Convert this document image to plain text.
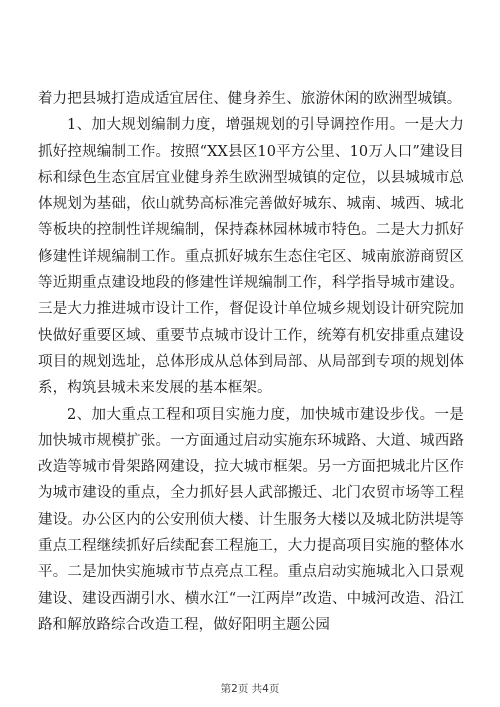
着力把县城打造成适宜居住、健身养生、旅游休闲的欧洲型城镇。

1、加大规划编制力度，增强规划的引导调控作用。一是大力抓好控规编制工作。按照“XX县区10平方公里、10万人口”建设目标和绿色生态宜居宜业健身养生欧洲型城镇的定位，以县城城市总体规划为基础，依山就势高标准完善做好城东、城南、城西、城北等板块的控制性详规编制，保持森林园林城市特色。二是大力抓好修建性详规编制工作。重点抓好城东生态住宅区、城南旅游商贸区等近期重点建设地段的修建性详规编制工作，科学指导城市建设。三是大力推进城市设计工作，督促设计单位城乡规划设计研究院加快做好重要区域、重要节点城市设计工作，统筹有机安排重点建设项目的规划选址，总体形成从总体到局部、从局部到专项的规划体系，构筑县城未来发展的基本框架。

2、加大重点工程和项目实施力度，加快城市建设步伐。一是加快城市规模扩张。一方面通过启动实施东环城路、大道、城西路改造等城市骨架路网建设，拉大城市框架。另一方面把城北片区作为城市建设的重点，全力抓好县人武部搬迁、北门农贸市场等工程建设。办公区内的公安刑侦大楼、计生服务大楼以及城北防洪堤等重点工程继续抓好后续配套工程施工，大力提高项目实施的整体水平。二是加快实施城市节点亮点工程。重点启动实施城北入口景观建设、建设西湖引水、横水江“一江两岸”改造、中城河改造、沿江路和解放路综合改造工程，做好阳明主题公园

第2页 共4页
